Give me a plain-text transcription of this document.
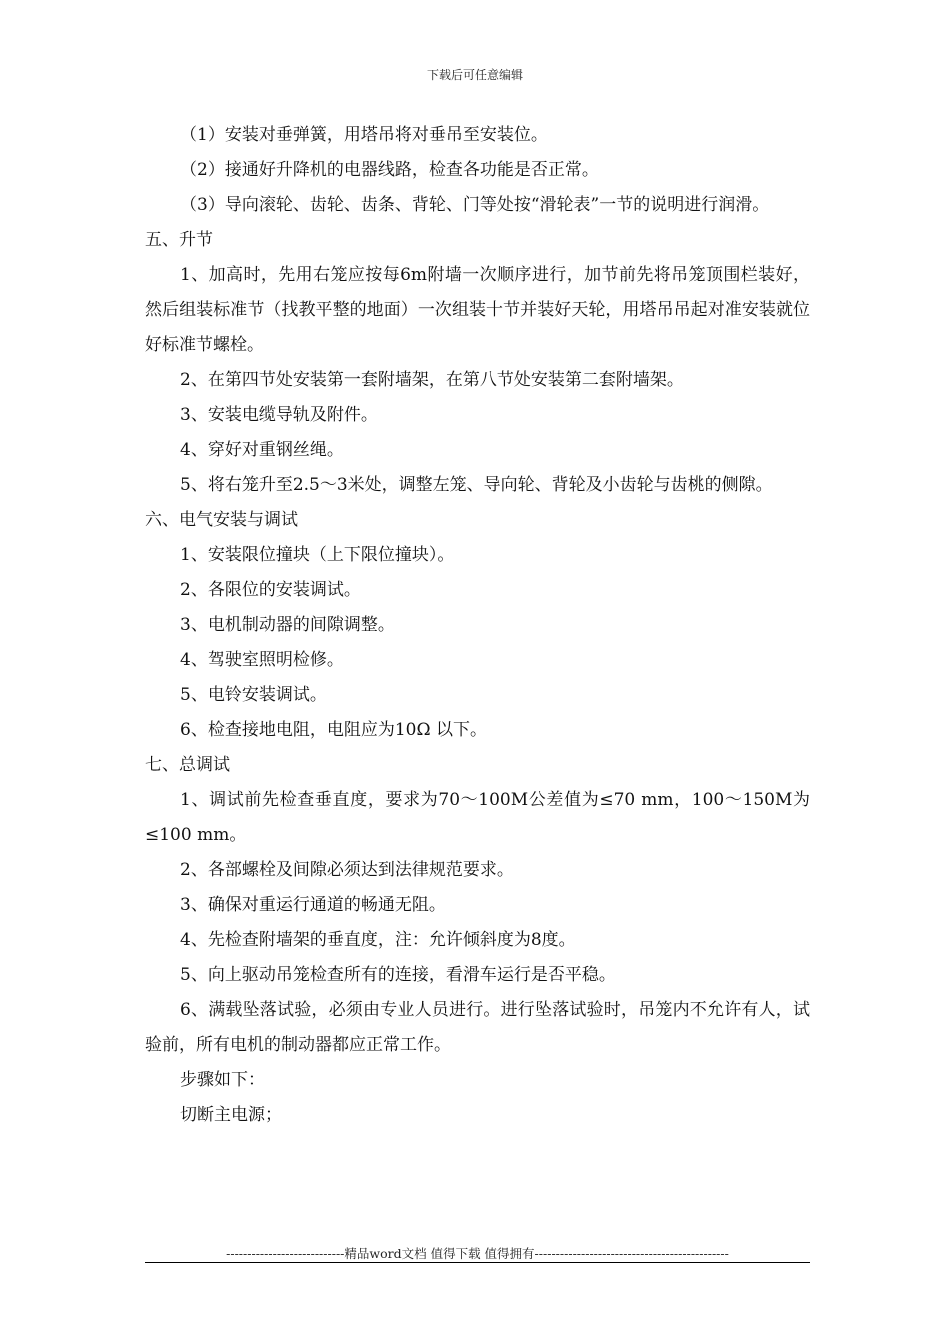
下载后可任意编辑

（1）安装对垂弹簧，用塔吊将对垂吊至安装位。

（2）接通好升降机的电器线路，检查各功能是否正常。

（3）导向滚轮、齿轮、齿条、背轮、门等处按“滑轮表”一节的说明进行润滑。

五、升节

1、加高时，先用右笼应按每6m附墙一次顺序进行，加节前先将吊笼顶围栏装好，然后组装标准节（找教平整的地面）一次组装十节并装好天轮，用塔吊吊起对准安装就位好标准节螺栓。

2、在第四节处安装第一套附墙架，在第八节处安装第二套附墙架。

3、安装电缆导轨及附件。

4、穿好对重钢丝绳。

5、将右笼升至2.5～3米处，调整左笼、导向轮、背轮及小齿轮与齿桃的侧隙。

六、电气安装与调试

1、安装限位撞块（上下限位撞块）。

2、各限位的安装调试。

3、电机制动器的间隙调整。

4、驾驶室照明检修。

5、电铃安装调试。

6、检查接地电阻，电阻应为10Ω 以下。

七、总调试

1、调试前先检查垂直度，要求为70～100M公差值为≤70 mm，100～150M为≤100 mm。

2、各部螺栓及间隙必须达到法律规范要求。

3、确保对重运行通道的畅通无阻。

4、先检查附墙架的垂直度，注：允许倾斜度为8度。

5、向上驱动吊笼检查所有的连接，看滑车运行是否平稳。

6、满载坠落试验，必须由专业人员进行。进行坠落试验时，吊笼内不允许有人，试验前，所有电机的制动器都应正常工作。

步骤如下：

切断主电源；

----------------------------精品word文档 值得下载 值得拥有----------------------------------------------
